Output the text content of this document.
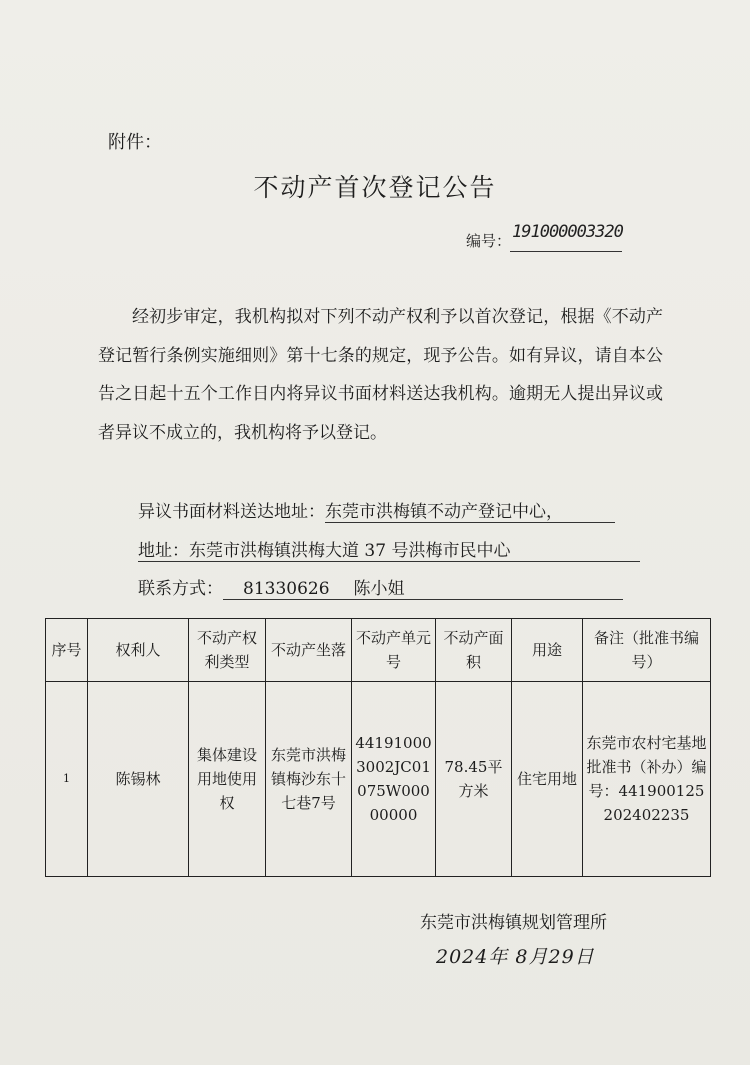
附件：
不动产首次登记公告
编号： 191000003320

经初步审定，我机构拟对下列不动产权利予以首次登记，根据《不动产登记暂行条例实施细则》第十七条的规定，现予公告。如有异议，请自本公告之日起十五个工作日内将异议书面材料送达我机构。逾期无人提出异议或者异议不成立的，我机构将予以登记。

异议书面材料送达地址：东莞市洪梅镇不动产登记中心，
地址：东莞市洪梅镇洪梅大道 37 号洪梅市民中心
联系方式： 81330626 陈小姐
序号	权利人	不动产权利类型	不动产坐落	不动产单元号	不动产面积	用途	备注（批准书编号）
1	陈锡林	集体建设用地使用权	东莞市洪梅镇梅沙东十七巷7号	441910003002JC01075W00000000	78.45平方米	住宅用地	东莞市农村宅基地批准书（补办）编号：441900125202402235
东莞市洪梅镇规划管理所
2024年 8月29日
